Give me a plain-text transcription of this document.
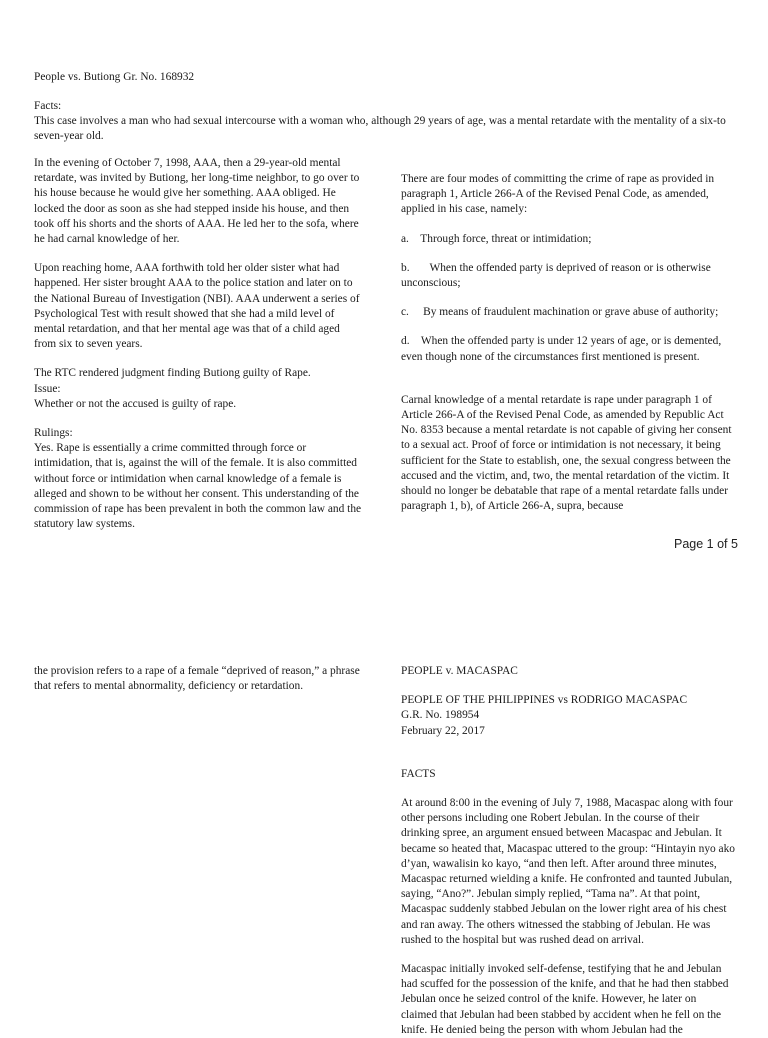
People vs. Butiong Gr. No. 168932

Facts:

This case involves a man who had sexual intercourse with a woman who, although 29 years of age, was a mental retardate with the mentality of a six-to seven-year old.

In the evening of October 7, 1998, AAA, then a 29-year-old mental retardate, was invited by Butiong, her long-time neighbor, to go over to his house because he would give her something. AAA obliged. He locked the door as soon as she had stepped inside his house, and then took off his shorts and the shorts of AAA. He led her to the sofa, where he had carnal knowledge of her.

Upon reaching home, AAA forthwith told her older sister what had happened. Her sister brought AAA to the police station and later on to the National Bureau of Investigation (NBI). AAA underwent a series of Psychological Test with result showed that she had a mild level of mental retardation, and that her mental age was that of a child aged from six to seven years.

The RTC rendered judgment finding Butiong guilty of Rape.

Issue:

Whether or not the accused is guilty of rape.

Rulings:

Yes. Rape is essentially a crime committed through force or intimidation, that is, against the will of the female. It is also committed without force or intimidation when carnal knowledge of a female is alleged and shown to be without her consent. This understanding of the commission of rape has been prevalent in both the common law and the statutory law systems.

There are four modes of committing the crime of rape as provided in paragraph 1, Article 266-A of the Revised Penal Code, as amended, applied in his case, namely:

a.    Through force, threat or intimidation;

b.       When the offended party is deprived of reason or is otherwise unconscious;

c.     By means of fraudulent machination or grave abuse of authority;

d.    When the offended party is under 12 years of age, or is demented, even though none of the circumstances first mentioned is present.

Carnal knowledge of a mental retardate is rape under paragraph 1 of Article 266-A of the Revised Penal Code, as amended by Republic Act No. 8353 because a mental retardate is not capable of giving her consent to a sexual act. Proof of force or intimidation is not necessary, it being sufficient for the State to establish, one, the sexual congress between the accused and the victim, and, two, the mental retardation of the victim. It should no longer be debatable that rape of a mental retardate falls under paragraph 1, b), of Article 266-A, supra, because

Page 1 of 5

the provision refers to a rape of a female “deprived of reason,” a phrase that refers to mental abnormality, deficiency or retardation.

PEOPLE v. MACASPAC

PEOPLE OF THE PHILIPPINES vs RODRIGO MACASPAC

G.R. No. 198954

February 22, 2017

FACTS

At around 8:00 in the evening of July 7, 1988, Macaspac along with four other persons including one Robert Jebulan. In the course of their drinking spree, an argument ensued between Macaspac and Jebulan. It became so heated that, Macaspac uttered to the group: “Hintayin nyo ako d’yan, wawalisin ko kayo, “and then left. After around three minutes, Macaspac returned wielding a knife. He confronted and taunted Jubulan, saying, “Ano?”. Jebulan simply replied, “Tama na”. At that point, Macaspac suddenly stabbed Jebulan on the lower right area of his chest and ran away. The others witnessed the stabbing of Jebulan. He was rushed to the hospital but was rushed dead on arrival.

Macaspac initially invoked self-defense, testifying that he and Jebulan had scuffed for the possession of the knife, and that he had then stabbed Jebulan once he seized control of the knife. However, he later on claimed that Jebulan had been stabbed by accident when he fell on the knife. He denied being the person with whom Jebulan had the
